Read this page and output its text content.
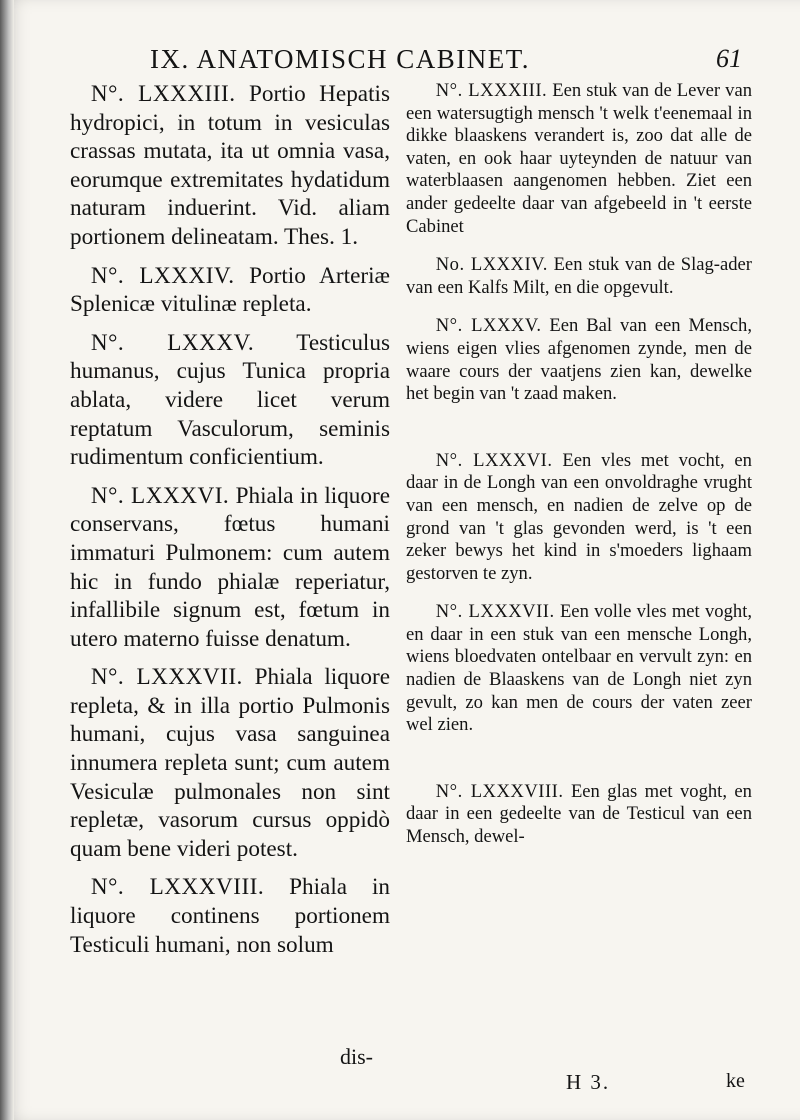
IX. ANATOMISCH CABINET.	61

N°. LXXXIII. Portio Hepatis hydropici, in totum in vesiculas crassas mutata, ita ut omnia vasa, eorumque extremitates hydatidum naturam induerint. Vid. aliam portionem delineatam. Thes. 1.

N°. LXXXIV. Portio Arteriæ Splenicæ vitulinæ repleta.

N°. LXXXV. Testiculus humanus, cujus Tunica propria ablata, videre licet verum reptatum Vasculorum, seminis rudimentum conficientium.

N°. LXXXVI. Phiala in liquore conservans, fœtus humani immaturi Pulmonem: cum autem hic in fundo phialæ reperiatur, infallibile signum est, fœtum in utero materno fuisse denatum.

N°. LXXXVII. Phiala liquore repleta, & in illa portio Pulmonis humani, cujus vasa sanguinea innumera repleta sunt; cum autem Vesiculæ pulmonales non sint repletæ, vasorum cursus oppidò quam bene videri potest.

N°. LXXXVIII. Phiala in liquore continens portionem Testiculi humani, non solum

N°. LXXXIII. Een stuk van de Lever van een watersugtigh mensch 't welk t'eenemaal in dikke blaaskens verandert is, zoo dat alle de vaten, en ook haar uyteynden de natuur van waterblaasen aangenomen hebben. Ziet een ander gedeelte daar van afgebeeld in 't eerste Cabinet

No. LXXXIV. Een stuk van de Slag-ader van een Kalfs Milt, en die opgevult.

N°. LXXXV. Een Bal van een Mensch, wiens eigen vlies afgenomen zynde, men de waare cours der vaatjens zien kan, dewelke het begin van 't zaad maken.

N°. LXXXVI. Een vles met vocht, en daar in de Longh van een onvoldraghe vrught van een mensch, en nadien de zelve op de grond van 't glas gevonden werd, is 't een zeker bewys het kind in s'moeders lighaam gestorven te zyn.

N°. LXXXVII. Een volle vles met voght, en daar in een stuk van een mensche Longh, wiens bloedvaten ontelbaar en vervult zyn: en nadien de Blaaskens van de Longh niet zyn gevult, zo kan men de cours der vaten zeer wel zien.

N°. LXXXVIII. Een glas met voght, en daar in een gedeelte van de Testicul van een Mensch, dewel-

dis-
H 3.	ke
